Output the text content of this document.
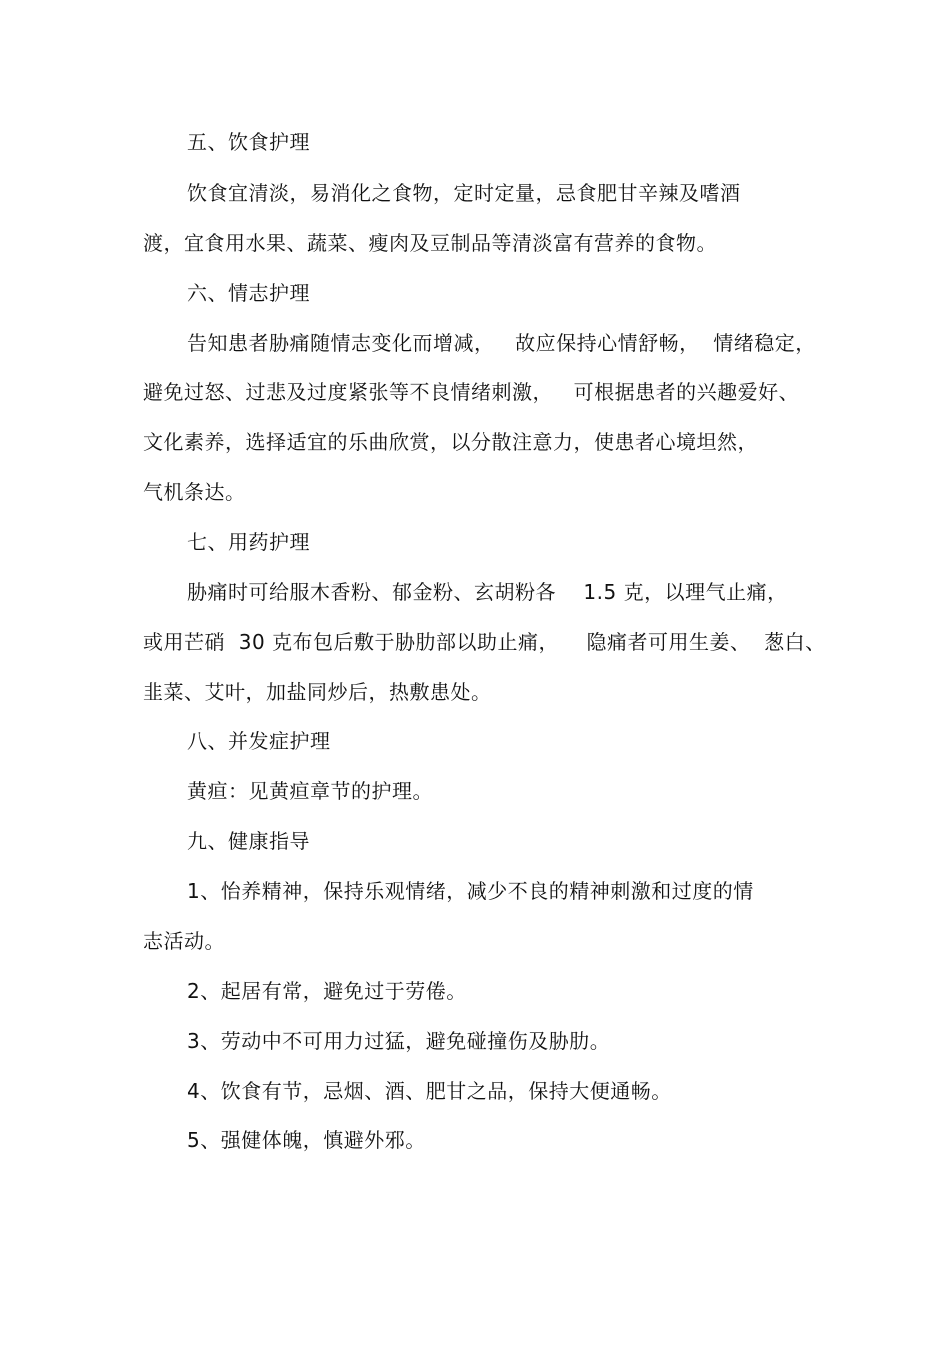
五、饮食护理
饮食宜清淡，易消化之食物，定时定量，忌食肥甘辛辣及嗜酒
渡，宜食用水果、蔬菜、瘦肉及豆制品等清淡富有营养的食物。
六、情志护理
告知患者胁痛随情志变化而增减，   故应保持心情舒畅，  情绪稳定，
避免过怒、过悲及过度紧张等不良情绪刺激，   可根据患者的兴趣爱好、
文化素养，选择适宜的乐曲欣赏，以分散注意力，使患者心境坦然，
气机条达。
七、用药护理
胁痛时可给服木香粉、郁金粉、玄胡粉各    1.5 克，以理气止痛，
或用芒硝  30 克布包后敷于胁肋部以助止痛，    隐痛者可用生姜、  葱白、
韭菜、艾叶，加盐同炒后，热敷患处。
八、并发症护理
黄疸：见黄疸章节的护理。
九、健康指导
1、怡养精神，保持乐观情绪，减少不良的精神刺激和过度的情
志活动。
2、起居有常，避免过于劳倦。
3、劳动中不可用力过猛，避免碰撞伤及胁肋。
4、饮食有节，忌烟、酒、肥甘之品，保持大便通畅。
5、强健体魄，慎避外邪。
